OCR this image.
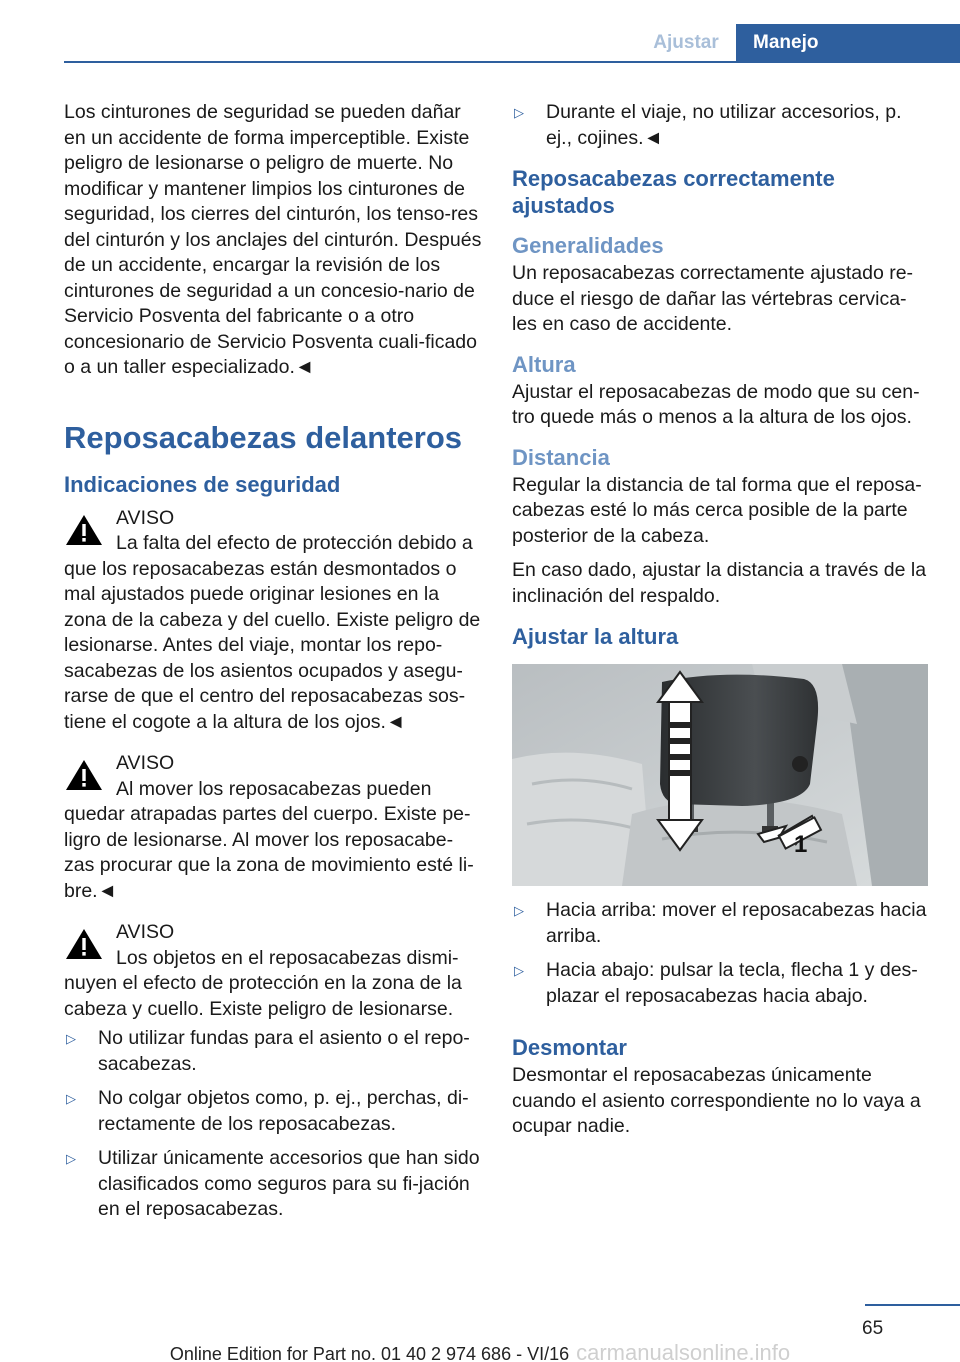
Ajustar	Manejo

Los cinturones de seguridad se pueden dañar en un accidente de forma imperceptible. Existe peligro de lesionarse o peligro de muerte. No modificar y mantener limpios los cinturones de seguridad, los cierres del cinturón, los tenso-res del cinturón y los anclajes del cinturón. Después de un accidente, encargar la revisión de los cinturones de seguridad a un concesio-nario de Servicio Posventa del fabricante o a otro concesionario de Servicio Posventa cuali-ficado o a un taller especializado.◄

Reposacabezas delanteros
Indicaciones de seguridad
AVISO
La falta del efecto de protección debido a que los reposacabezas están desmontados o mal ajustados puede originar lesiones en la zona de la cabeza y del cuello. Existe peligro de lesionarse. Antes del viaje, montar los repo-sacabezas de los asientos ocupados y asegu-rarse de que el centro del reposacabezas sos-tiene el cogote a la altura de los ojos.◄
AVISO
Al mover los reposacabezas pueden quedar atrapadas partes del cuerpo. Existe pe-ligro de lesionarse. Al mover los reposacabe-zas procurar que la zona de movimiento esté li-bre.◄
AVISO
Los objetos en el reposacabezas dismi-nuyen el efecto de protección en la zona de la cabeza y cuello. Existe peligro de lesionarse.
▷ No utilizar fundas para el asiento o el repo-sacabezas.
▷ No colgar objetos como, p. ej., perchas, di-rectamente de los reposacabezas.
▷ Utilizar únicamente accesorios que han sido clasificados como seguros para su fi-jación en el reposacabezas.
▷ Durante el viaje, no utilizar accesorios, p. ej., cojines.◄
Reposacabezas correctamente ajustados
Generalidades

Un reposacabezas correctamente ajustado re-duce el riesgo de dañar las vértebras cervica-les en caso de accidente.

Altura

Ajustar el reposacabezas de modo que su cen-tro quede más o menos a la altura de los ojos.

Distancia

Regular la distancia de tal forma que el reposa-cabezas esté lo más cerca posible de la parte posterior de la cabeza.

En caso dado, ajustar la distancia a través de la inclinación del respaldo.

Ajustar la altura
1
▷ Hacia arriba: mover el reposacabezas hacia arriba.
▷ Hacia abajo: pulsar la tecla, flecha 1 y des-plazar el reposacabezas hacia abajo.
Desmontar

Desmontar el reposacabezas únicamente cuando el asiento correspondiente no lo vaya a ocupar nadie.

65
Online Edition for Part no. 01 40 2 974 686 - VI/16 carmanualsonline.info
